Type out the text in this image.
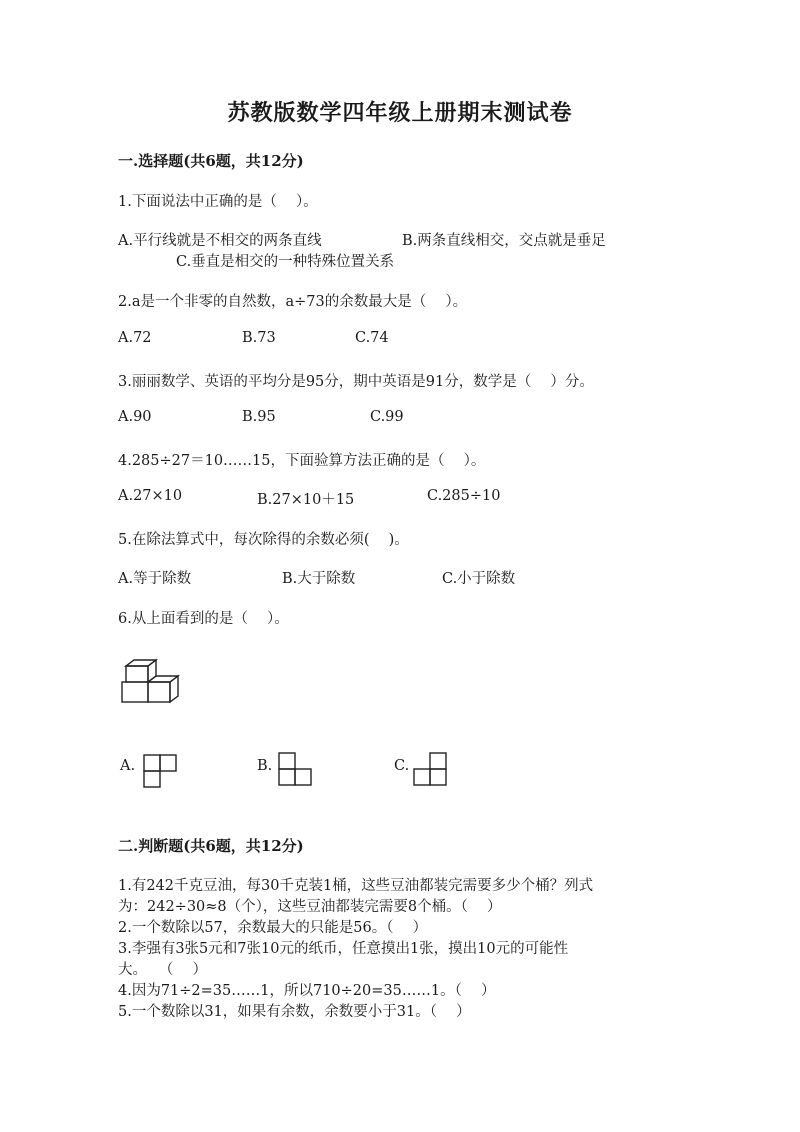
苏教版数学四年级上册期末测试卷
一.选择题(共6题，共12分)
1.下面说法中正确的是（　 ）。
A.平行线就是不相交的两条直线	B.两条直线相交，交点就是垂足
C.垂直是相交的一种特殊位置关系
2.a是一个非零的自然数，a÷73的余数最大是（　 ）。
A.72	B.73	C.74
3.丽丽数学、英语的平均分是95分，期中英语是91分，数学是（　 ）分。
A.90	B.95	C.99
4.285÷27＝10……15，下面验算方法正确的是（　 ）。
A.27×10	B.27×10＋15	C.285÷10
5.在除法算式中，每次除得的余数必须(　 )。
A.等于除数	B.大于除数	C.小于除数
6.从上面看到的是（　 ）。
A.	B.	C.
二.判断题(共6题，共12分)
1.有242千克豆油，每30千克装1桶，这些豆油都装完需要多少个桶？列式
为：242÷30≈8（个），这些豆油都装完需要8个桶。（　 ）
2.一个数除以57，余数最大的只能是56。（　 ）
3.李强有3张5元和7张10元的纸币，任意摸出1张，摸出10元的可能性
大。　 （　 ）
4.因为71÷2=35……1，所以710÷20=35……1。（　 ）
5.一个数除以31，如果有余数，余数要小于31。（　 ）
